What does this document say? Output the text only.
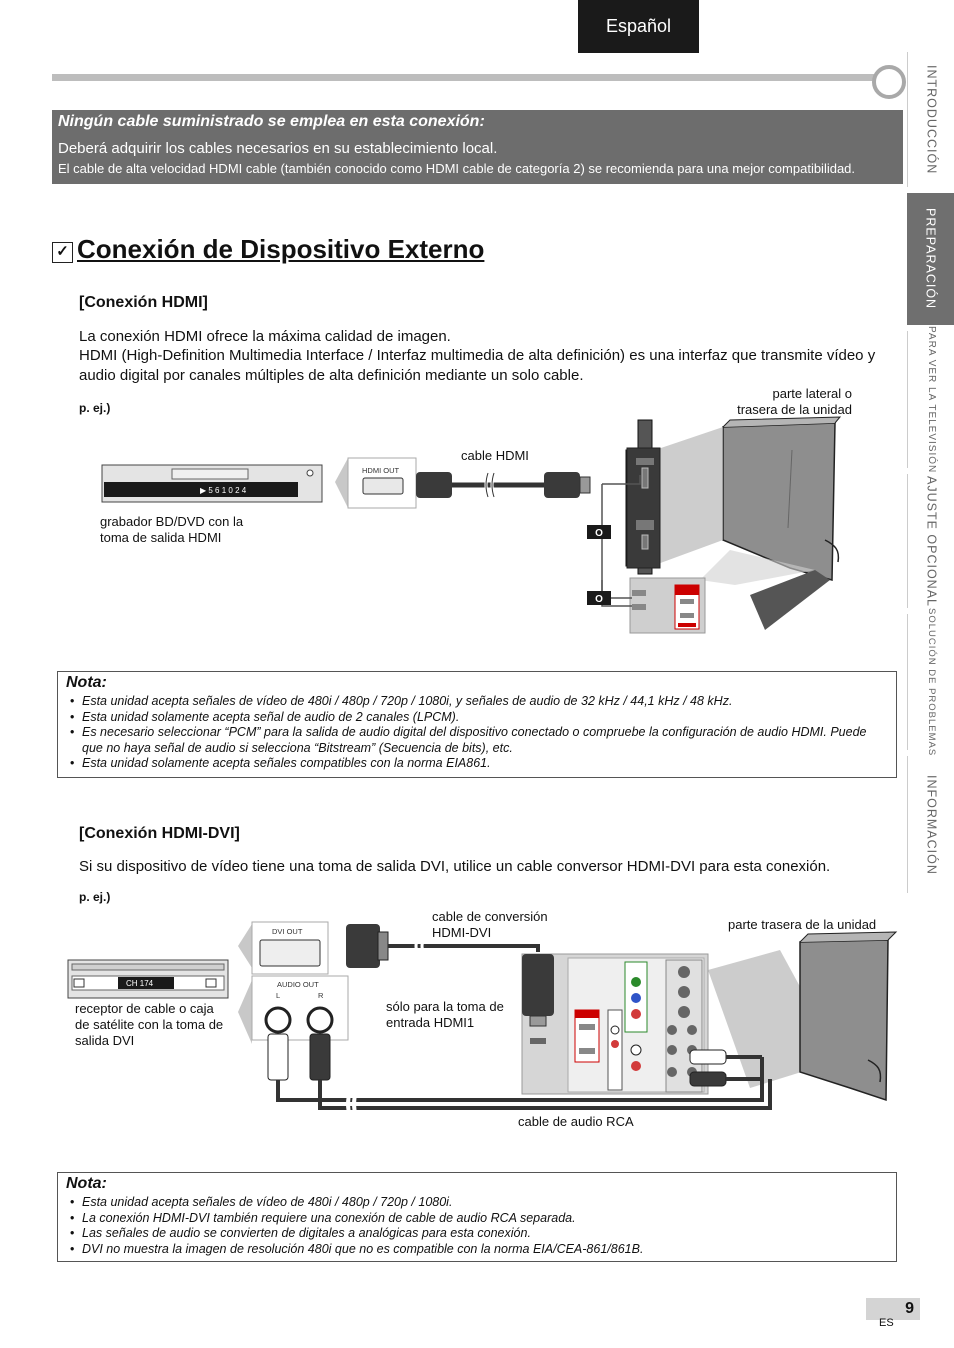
Español
INTRODUCCIÓN
PREPARACIÓN
PARA VER LA TELEVISIÓN
AJUSTE OPCIONAL
SOLUCIÓN DE PROBLEMAS
INFORMACIÓN
Ningún cable suministrado se emplea en esta conexión:
Deberá adquirir los cables necesarios en su establecimiento local.
El cable de alta velocidad HDMI cable (también conocido como HDMI cable de categoría 2) se recomienda para una mejor compatibilidad.
✓ Conexión de Dispositivo Externo
[Conexión HDMI]
La conexión HDMI ofrece la máxima calidad de imagen.
HDMI (High-Definition Multimedia Interface / Interfaz multimedia de alta definición) es una interfaz que transmite vídeo y audio digital por canales múltiples de alta definición mediante un solo cable.
p. ej.)
O
O
▶ 5 6 1 0 2 4
HDMI OUT
parte lateral o trasera de la unidad
cable HDMI
grabador BD/DVD con la toma de salida HDMI
Nota:
• Esta unidad acepta señales de vídeo de 480i / 480p / 720p / 1080i, y señales de audio de 32 kHz / 44,1 kHz / 48 kHz.
• Esta unidad solamente acepta señal de audio de 2 canales (LPCM).
• Es necesario seleccionar “PCM” para la salida de audio digital del dispositivo conectado o compruebe la configuración de audio HDMI. Puede que no haya señal de audio si selecciona “Bitstream” (Secuencia de bits), etc.
• Esta unidad solamente acepta señales compatibles con la norma EIA861.
[Conexión HDMI-DVI]
Si su dispositivo de vídeo tiene una toma de salida DVI, utilice un cable conversor HDMI-DVI para esta conexión.
p. ej.)
CH 174
DVI OUT
AUDIO OUT
L	R
cable de conversión HDMI-DVI
parte trasera de la unidad
receptor de cable o caja de satélite con la toma de salida DVI
sólo para la toma de entrada HDMI1
cable de audio RCA
Nota:
• Esta unidad acepta señales de vídeo de 480i / 480p / 720p / 1080i.
• La conexión HDMI-DVI también requiere una conexión de cable de audio RCA separada.
• Las señales de audio se convierten de digitales a analógicas para esta conexión.
• DVI no muestra la imagen de resolución 480i que no es compatible con la norma EIA/CEA-861/861B.
9
ES
